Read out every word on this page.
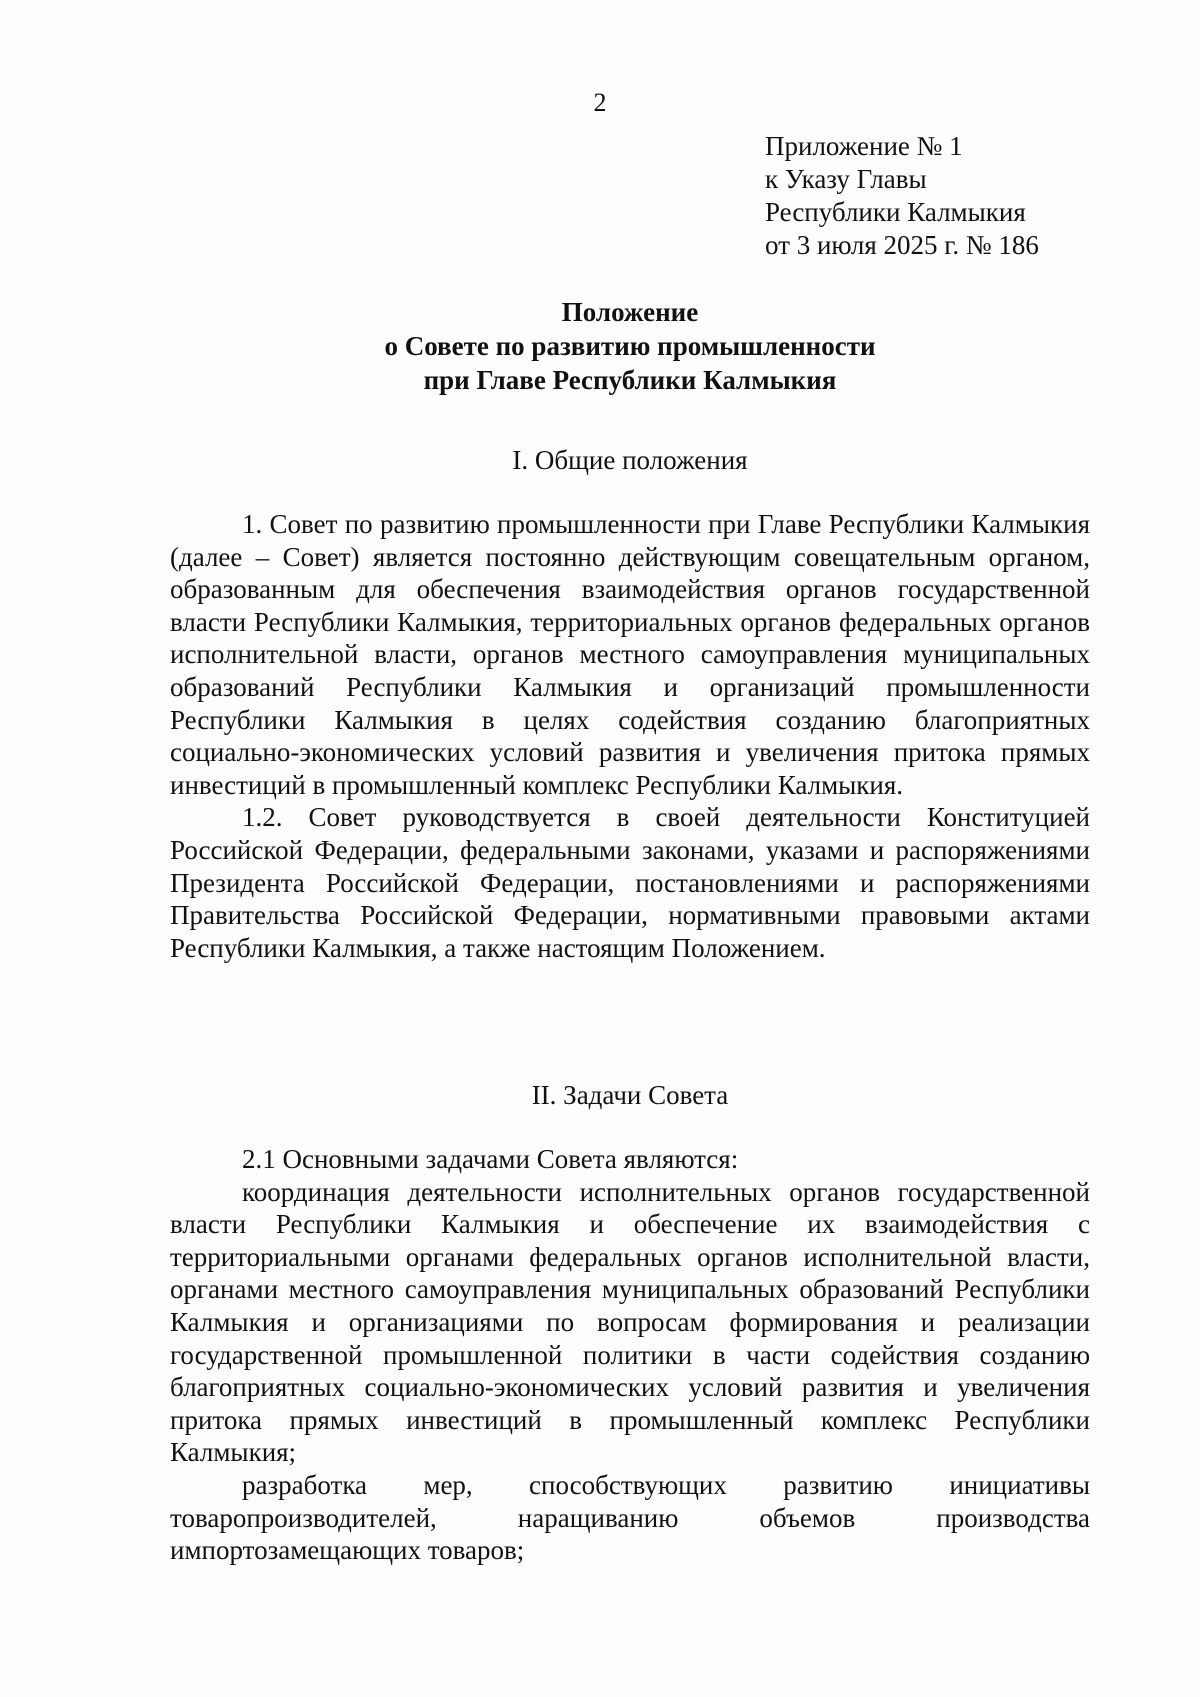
2
Приложение № 1
к Указу Главы
Республики Калмыкия
от 3 июля 2025 г. № 186
Положение
о Совете по развитию промышленности
при Главе Республики Калмыкия
I. Общие положения

1. Совет по развитию промышленности при Главе Республики Калмыкия (далее – Совет) является постоянно действующим совещательным органом, образованным для обеспечения взаимодействия органов государственной власти Республики Калмыкия, территориальных органов федеральных органов исполнительной власти, органов местного самоуправления муниципальных образований Республики Калмыкия и организаций промышленности Республики Калмыкия в целях содействия созданию благоприятных социально-экономических условий развития и увеличения притока прямых инвестиций в промышленный комплекс Республики Калмыкия.

1.2. Совет руководствуется в своей деятельности Конституцией Российской Федерации, федеральными законами, указами и распоряжениями Президента Российской Федерации, постановлениями и распоряжениями Правительства Российской Федерации, нормативными правовыми актами Республики Калмыкия, а также настоящим Положением.

II. Задачи Совета

2.1 Основными задачами Совета являются:

координация деятельности исполнительных органов государственной власти Республики Калмыкия и обеспечение их взаимодействия с территориальными органами федеральных органов исполнительной власти, органами местного самоуправления муниципальных образований Республики Калмыкия и организациями по вопросам формирования и реализации государственной промышленной политики в части содействия созданию благоприятных социально-экономических условий развития и увеличения притока прямых инвестиций в промышленный комплекс Республики Калмыкия;

разработка мер, способствующих развитию инициативы товаропроизводителей, наращиванию объемов производства импортозамещающих товаров;
